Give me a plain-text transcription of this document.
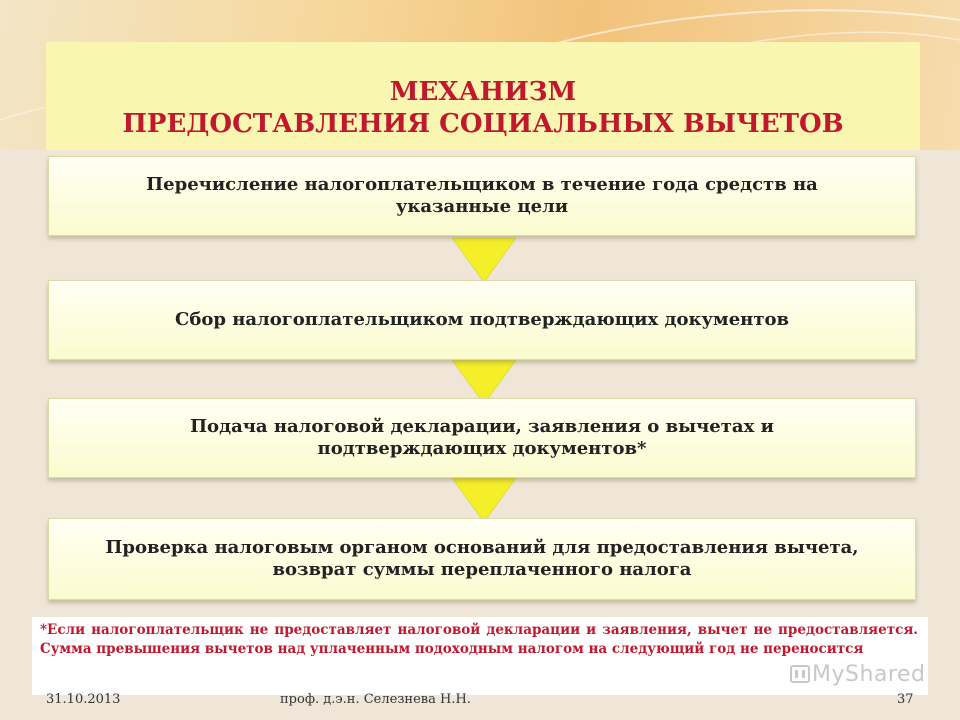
МЕХАНИЗМ
ПРЕДОСТАВЛЕНИЯ СОЦИАЛЬНЫХ ВЫЧЕТОВ
Перечисление налогоплательщиком в течение года средств на
указанные цели
Сбор налогоплательщиком подтверждающих документов
Подача налоговой декларации, заявления о вычетах и
подтверждающих документов*
Проверка налоговым органом оснований для предоставления вычета,
возврат суммы переплаченного налога
*Если налогоплательщик не предоставляет налоговой декларации и заявления, вычет не предоставляется. Сумма превышения вычетов над уплаченным подоходным налогом на следующий год не переносится
MyShared
31.10.2013	проф. д.э.н. Селезнева Н.Н.	37
